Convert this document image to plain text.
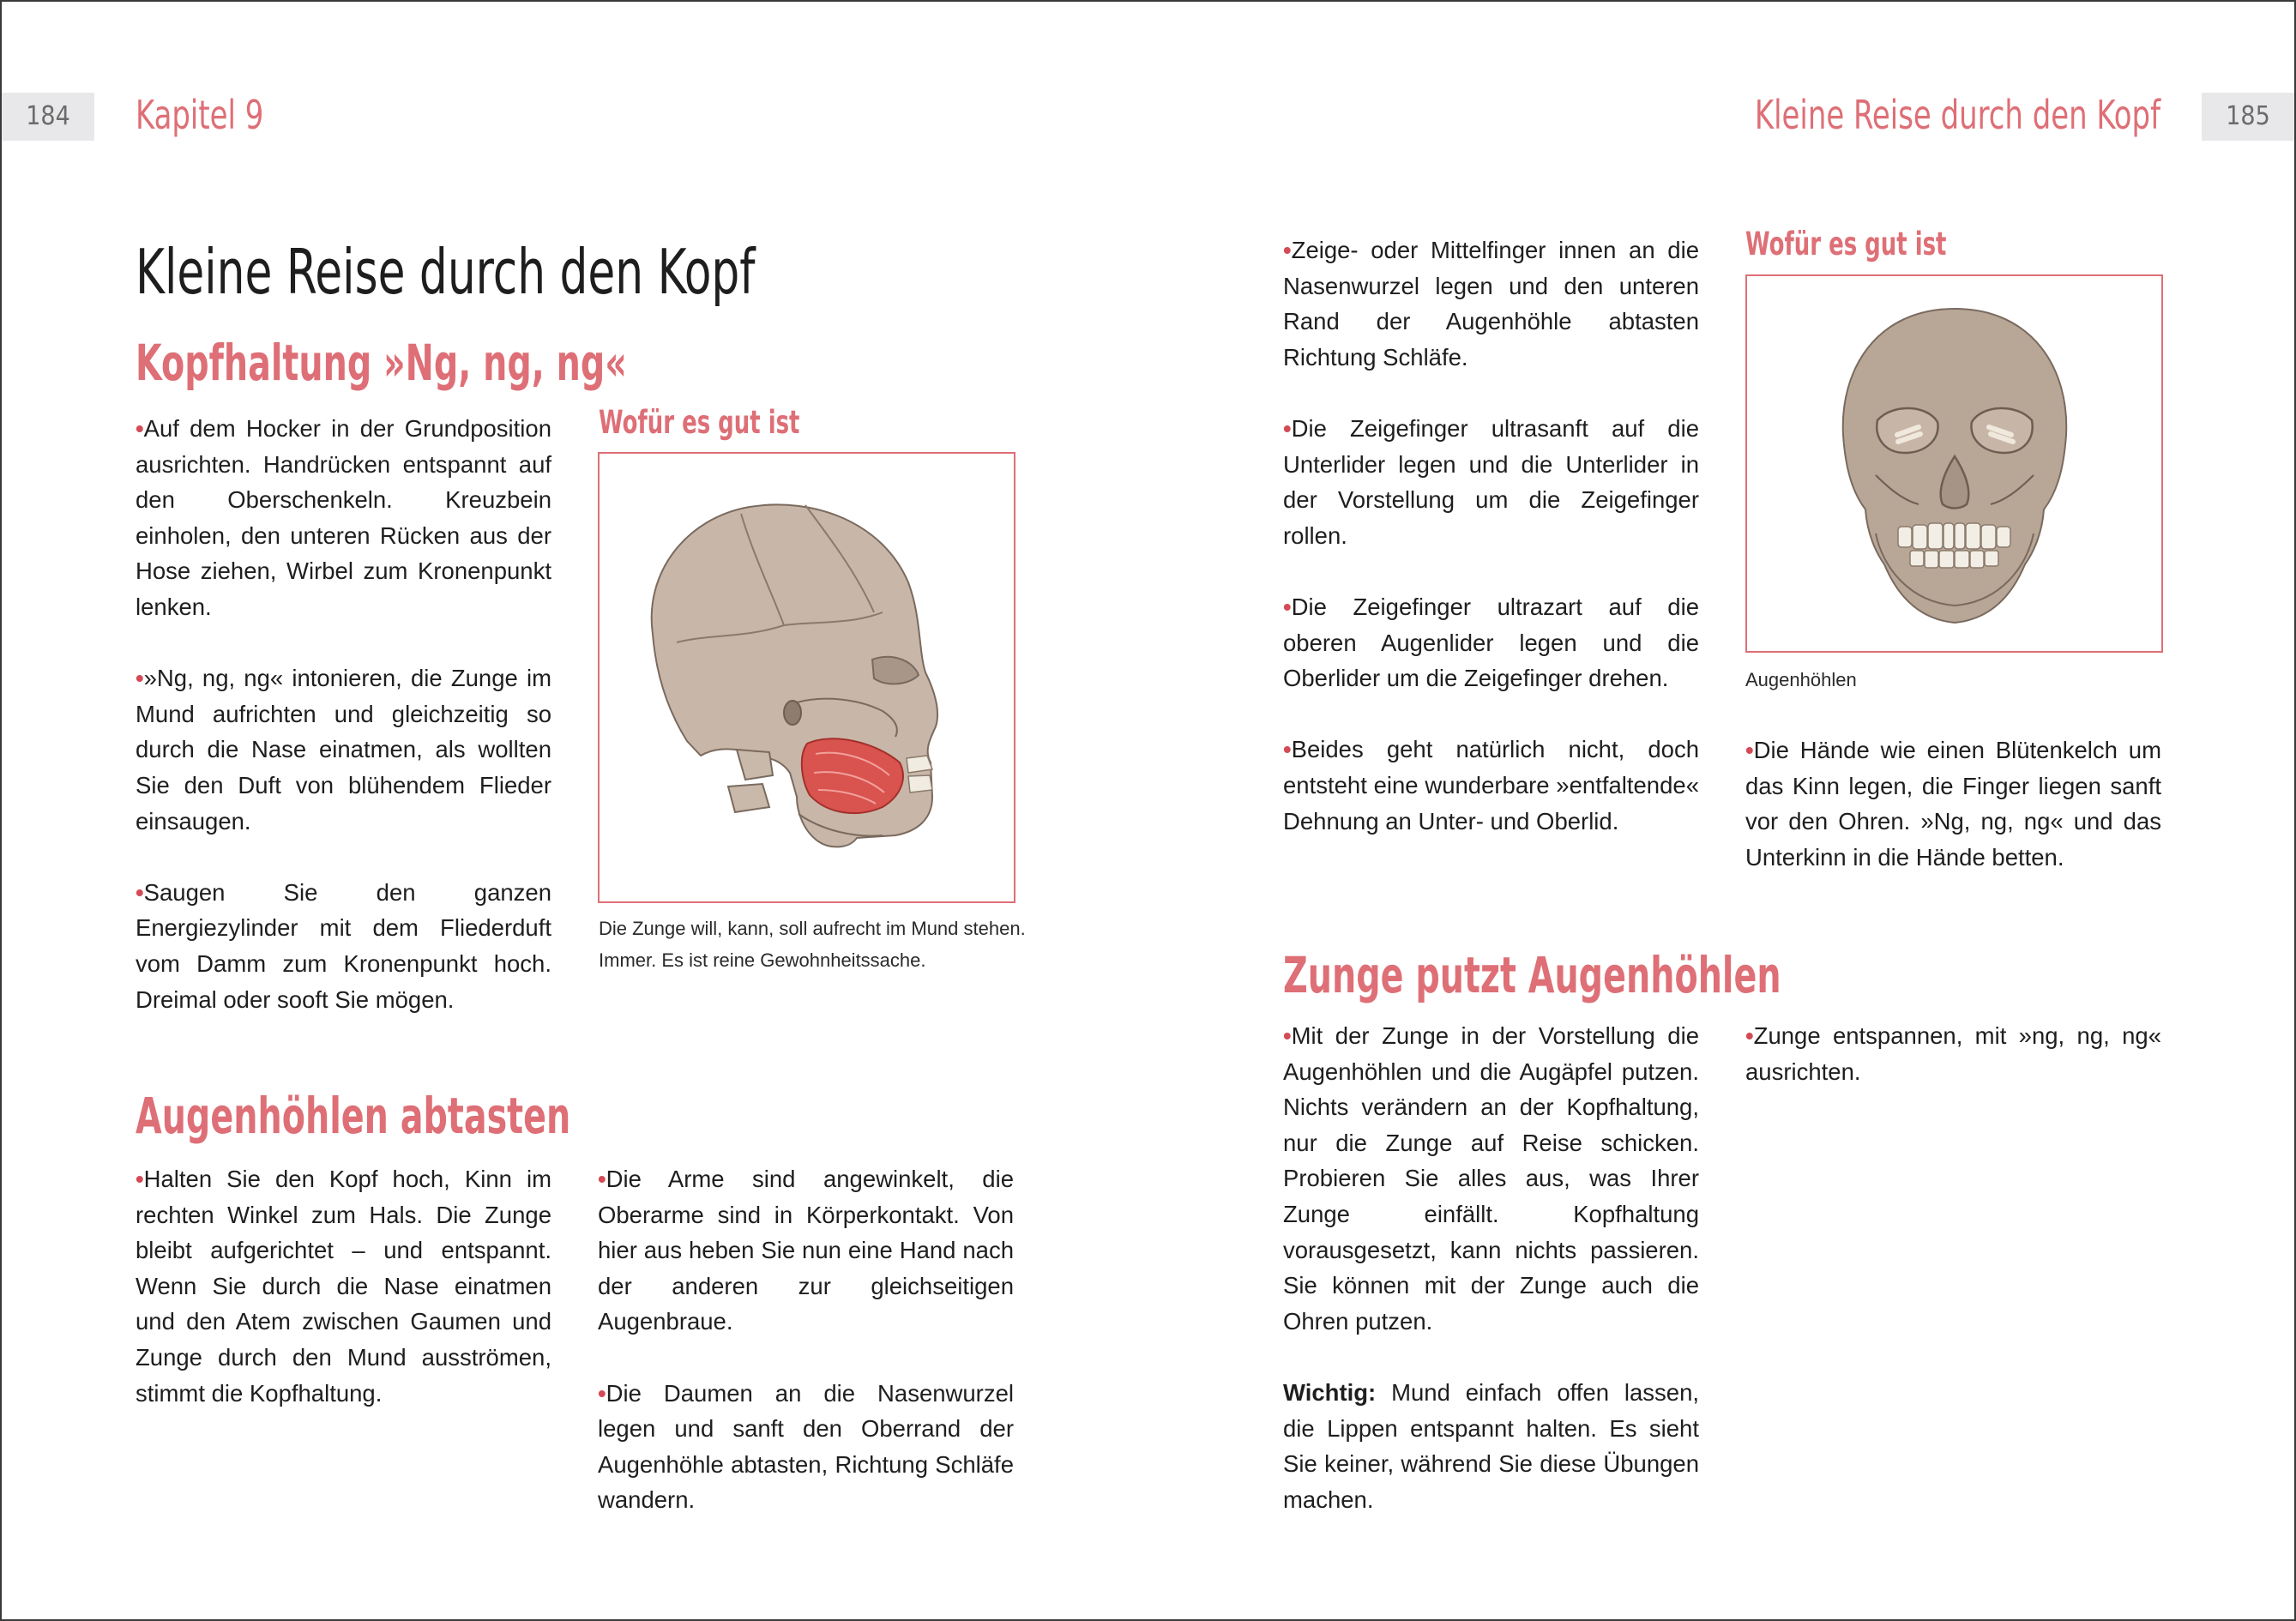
184	Kapitel 9	Kleine Reise durch den Kopf	185
Kleine Reise durch den Kopf
Kopfhaltung »Ng, ng, ng«

•Auf dem Hocker in der Grundposition ausrichten. Handrücken entspannt auf den Oberschenkeln. Kreuzbein einholen, den unteren Rücken aus der Hose ziehen, Wirbel zum Kronenpunkt lenken.

•»Ng, ng, ng« intonieren, die Zunge im Mund aufrichten und gleichzeitig so durch die Nase einatmen, als wollten Sie den Duft von blühendem Flieder einsaugen.

•Saugen Sie den ganzen Energiezylinder mit dem Fliederduft vom Damm zum Kronenpunkt hoch. Dreimal oder sooft Sie mögen.

Wofür es gut ist
Die Zunge will, kann, soll aufrecht im Mund stehen. Immer. Es ist reine Gewohnheitssache.
Augenhöhlen abtasten

•Halten Sie den Kopf hoch, Kinn im rechten Winkel zum Hals. Die Zunge bleibt aufgerichtet – und entspannt. Wenn Sie durch die Nase einatmen und den Atem zwischen Gaumen und Zunge durch den Mund ausströmen, stimmt die Kopfhaltung.

•Die Arme sind angewinkelt, die Oberarme sind in Körperkontakt. Von hier aus heben Sie nun eine Hand nach der anderen zur gleichseitigen Augenbraue.

•Die Daumen an die Nasenwurzel legen und sanft den Oberrand der Augenhöhle abtasten, Richtung Schläfe wandern.

•Zeige- oder Mittelfinger innen an die Nasenwurzel legen und den unteren Rand der Augenhöhle abtasten Richtung Schläfe.

•Die Zeigefinger ultrasanft auf die Unterlider legen und die Unterlider in der Vorstellung um die Zeigefinger rollen.

•Die Zeigefinger ultrazart auf die oberen Augenlider legen und die Oberlider um die Zeigefinger drehen.

•Beides geht natürlich nicht, doch entsteht eine wunderbare »entfaltende« Dehnung an Unter- und Oberlid.

Wofür es gut ist
Augenhöhlen

•Die Hände wie einen Blütenkelch um das Kinn legen, die Finger liegen sanft vor den Ohren. »Ng, ng, ng« und das Unterkinn in die Hände betten.

Zunge putzt Augenhöhlen

•Mit der Zunge in der Vorstellung die Augenhöhlen und die Augäpfel putzen. Nichts verändern an der Kopfhaltung, nur die Zunge auf Reise schicken. Probieren Sie alles aus, was Ihrer Zunge einfällt. Kopfhaltung vorausgesetzt, kann nichts passieren. Sie können mit der Zunge auch die Ohren putzen.

Wichtig: Mund einfach offen lassen, die Lippen entspannt halten. Es sieht Sie keiner, während Sie diese Übungen machen.

•Zunge entspannen, mit »ng, ng, ng« ausrichten.
